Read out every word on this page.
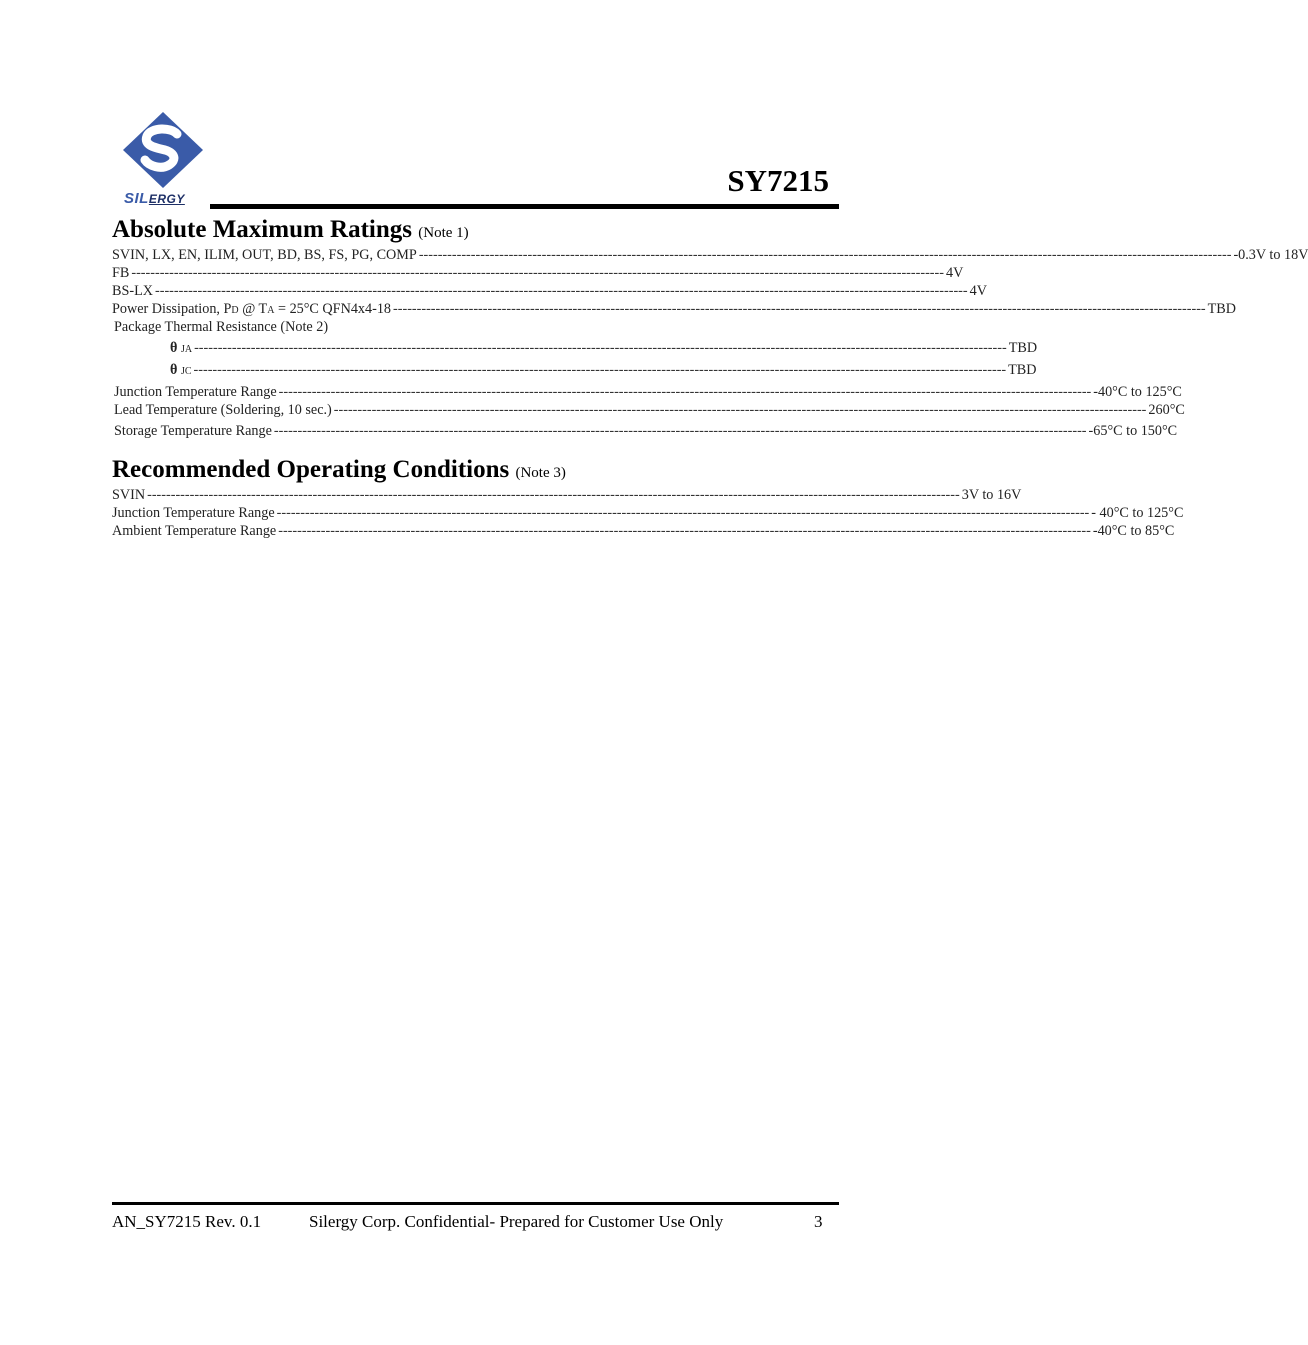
SILERGY
SY7215
Absolute Maximum Ratings (Note 1)
SVIN, LX, EN, ILIM, OUT, BD, BS, FS, PG, COMP ---------------------------------------------------------------------------------------------------------------------------------------------------------------------------- -0.3V to 18V
FB ---------------------------------------------------------------------------------------------------------------------------------------------------------------------------- 4V
BS-LX ---------------------------------------------------------------------------------------------------------------------------------------------------------------------------- 4V
Power Dissipation, PD @ TA = 25°C QFN4x4-18 ---------------------------------------------------------------------------------------------------------------------------------------------------------------------------- TBD
Package Thermal Resistance (Note 2)
θ JA ---------------------------------------------------------------------------------------------------------------------------------------------------------------------------- TBD
θ JC ---------------------------------------------------------------------------------------------------------------------------------------------------------------------------- TBD
Junction Temperature Range ---------------------------------------------------------------------------------------------------------------------------------------------------------------------------- -40°C to 125°C
Lead Temperature (Soldering, 10 sec.) ---------------------------------------------------------------------------------------------------------------------------------------------------------------------------- 260°C
Storage Temperature Range ---------------------------------------------------------------------------------------------------------------------------------------------------------------------------- -65°C to 150°C
Recommended Operating Conditions (Note 3)
SVIN ---------------------------------------------------------------------------------------------------------------------------------------------------------------------------- 3V to 16V
Junction Temperature Range ---------------------------------------------------------------------------------------------------------------------------------------------------------------------------- - 40°C to 125°C
Ambient Temperature Range ---------------------------------------------------------------------------------------------------------------------------------------------------------------------------- -40°C to 85°C
AN_SY7215 Rev. 0.1	Silergy Corp. Confidential- Prepared for Customer Use Only	3
